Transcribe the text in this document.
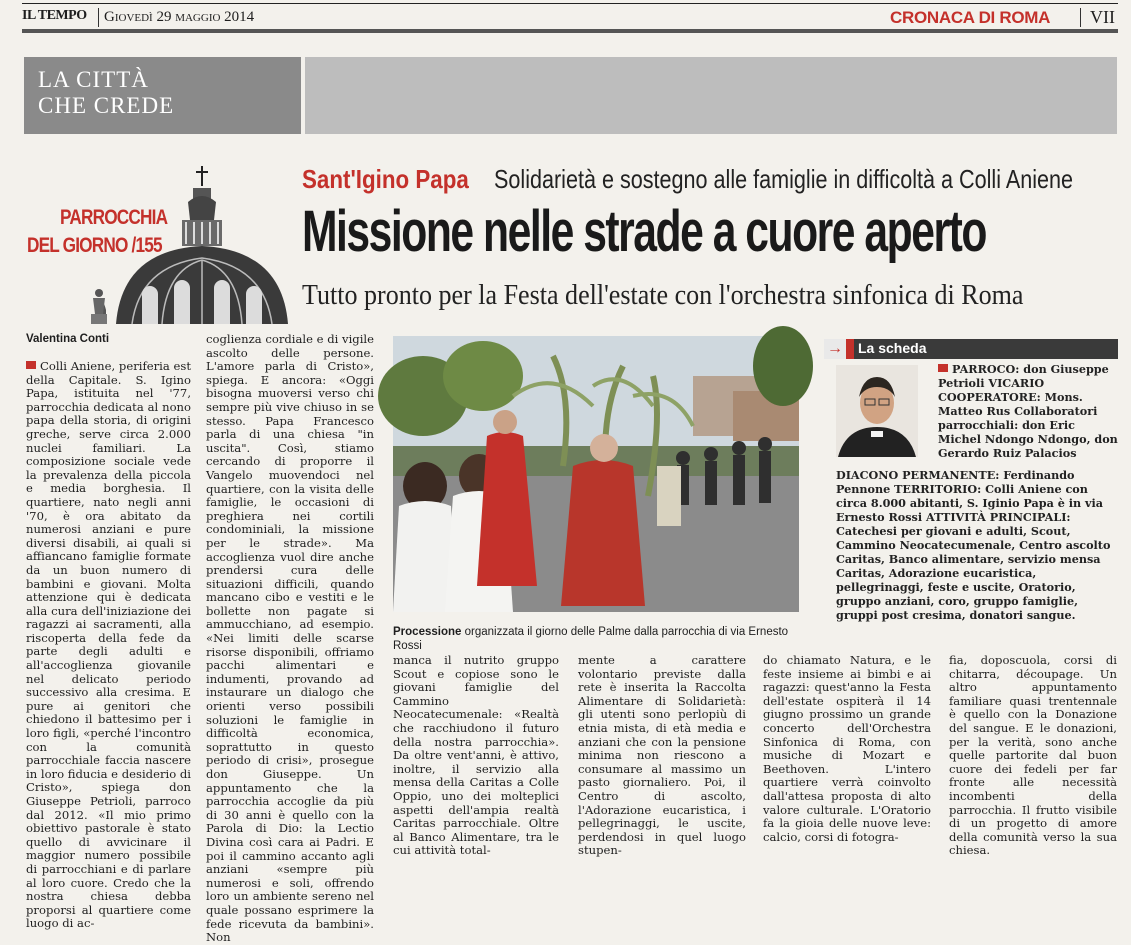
IL TEMPO Giovedì 29 maggio 2014	CRONACA DI ROMA VII
LA CITTÀ
CHE CREDE
PARROCCHIA
DEL GIORNO /155
Sant'Igino Papa Solidarietà e sostegno alle famiglie in difficoltà a Colli Aniene
Missione nelle strade a cuore aperto
Tutto pronto per la Festa dell'estate con l'orchestra sinfonica di Roma
Valentina Conti
Colli Aniene, periferia est della Capitale. S. Igino Papa, istituita nel '77, parrocchia dedicata al nono papa della storia, di origini greche, serve circa 2.000 nuclei familiari. La composizione sociale vede la prevalenza della piccola e media borghesia. Il quartiere, nato negli anni '70, è ora abitato da numerosi anziani e pure diversi disabili, ai quali si affiancano famiglie formate da un buon numero di bambini e giovani. Molta attenzione qui è dedicata alla cura dell'iniziazione dei ragazzi ai sacramenti, alla riscoperta della fede da parte degli adulti e all'accoglienza giovanile nel delicato periodo successivo alla cresima. E pure ai genitori che chiedono il battesimo per i loro figli, «perché l'incontro con la comunità parrocchiale faccia nascere in loro fiducia e desiderio di Cristo», spiega don Giuseppe Petrioli, parroco dal 2012. «Il mio primo obiettivo pastorale è stato quello di avvicinare il maggior numero possibile di parrocchiani e di parlare al loro cuore. Credo che la nostra chiesa debba proporsi al quartiere come luogo di ac-
coglienza cordiale e di vigile ascolto delle persone. L'amore parla di Cristo», spiega. E ancora: «Oggi bisogna muoversi verso chi sempre più vive chiuso in se stesso. Papa Francesco parla di una chiesa "in uscita". Così, stiamo cercando di proporre il Vangelo muovendoci nel quartiere, con la visita delle famiglie, le occasioni di preghiera nei cortili condominiali, la missione per le strade». Ma accoglienza vuol dire anche prendersi cura delle situazioni difficili, quando mancano cibo e vestiti e le bollette non pagate si ammucchiano, ad esempio. «Nei limiti delle scarse risorse disponibili, offriamo pacchi alimentari e indumenti, provando ad instaurare un dialogo che orienti verso possibili soluzioni le famiglie in difficoltà economica, soprattutto in questo periodo di crisi», prosegue don Giuseppe. Un appuntamento che la parrocchia accoglie da più di 30 anni è quello con la Parola di Dio: la Lectio Divina così cara ai Padri. E poi il cammino accanto agli anziani «sempre più numerosi e soli, offrendo loro un ambiente sereno nel quale possano esprimere la fede ricevuta da bambini». Non
Processione organizzata il giorno delle Palme dalla parrocchia di via Ernesto Rossi
manca il nutrito gruppo Scout e copiose sono le giovani famiglie del Cammino Neocatecumenale: «Realtà che racchiudono il futuro della nostra parrocchia». Da oltre vent'anni, è attivo, inoltre, il servizio alla mensa della Caritas a Colle Oppio, uno dei molteplici aspetti dell'ampia realtà Caritas parrocchiale. Oltre al Banco Alimentare, tra le cui attività total-
mente a carattere volontario previste dalla rete è inserita la Raccolta Alimentare di Solidarietà: gli utenti sono perlopiù di etnia mista, di età media e anziani che con la pensione minima non riescono a consumare al massimo un pasto giornaliero. Poi, il Centro di ascolto, l'Adorazione eucaristica, i pellegrinaggi, le uscite, perdendosi in quel luogo stupen-
do chiamato Natura, e le feste insieme ai bimbi e ai ragazzi: quest'anno la Festa dell'estate ospiterà il 14 giugno prossimo un grande concerto dell'Orchestra Sinfonica di Roma, con musiche di Mozart e Beethoven. L'intero quartiere verrà coinvolto dall'attesa proposta di alto valore culturale. L'Oratorio fa la gioia delle nuove leve: calcio, corsi di fotogra-
fia, doposcuola, corsi di chitarra, découpage. Un altro appuntamento familiare quasi trentennale è quello con la Donazione del sangue. E le donazioni, per la verità, sono anche quelle partorite dal buon cuore dei fedeli per far fronte alle necessità incombenti della parrocchia. Il frutto visibile di un progetto di amore della comunità verso la sua chiesa.
→ La scheda
PARROCO: don Giuseppe Petrioli VICARIO COOPERATORE: Mons. Matteo Rus Collaboratori parrocchiali: don Eric Michel Ndongo Ndongo, don Gerardo Ruiz Palacios
DIACONO PERMANENTE: Ferdinando Pennone TERRITORIO: Colli Aniene con circa 8.000 abitanti, S. Iginio Papa è in via Ernesto Rossi ATTIVITÀ PRINCIPALI: Catechesi per giovani e adulti, Scout, Cammino Neocatecumenale, Centro ascolto Caritas, Banco alimentare, servizio mensa Caritas, Adorazione eucaristica, pellegrinaggi, feste e uscite, Oratorio, gruppo anziani, coro, gruppo famiglie, gruppi post cresima, donatori sangue.
